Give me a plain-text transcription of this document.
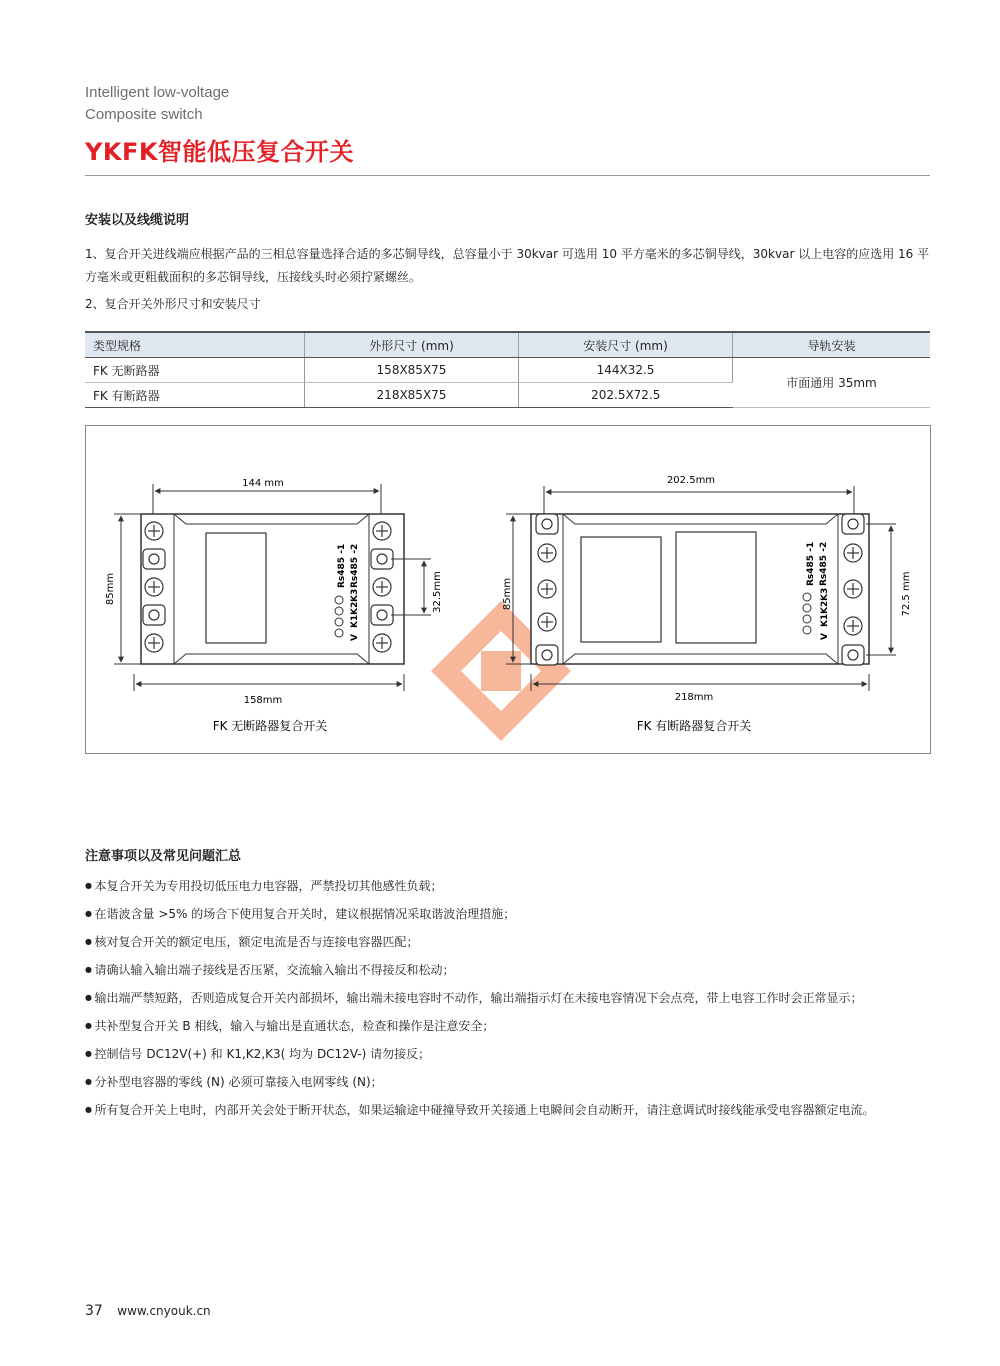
Intelligent low-voltage
Composite switch
YKFK智能低压复合开关
安装以及线缆说明
1、复合开关进线端应根据产品的三相总容量选择合适的多芯铜导线，总容量小于 30kvar 可选用 10 平方毫米的多芯铜导线，30kvar 以上电容的应选用 16 平方毫米或更粗截面积的多芯铜导线，压接线头时必须拧紧螺丝。
2、复合开关外形尺寸和安装尺寸
类型规格	外形尺寸 (mm)	安装尺寸 (mm)	导轨安装
FK 无断路器	158X85X75	144X32.5	市面通用 35mm
FK 有断路器	218X85X75	202.5X72.5	
144 mm
85mm
V
K1
K2
K3
Rs485 -1 Rs485 -2
32.5mm
158mm
FK 无断路器复合开关
202.5mm
85mm
V
K1
K2
K3
Rs485 -1 Rs485 -2
72.5 mm
218mm
FK 有断路器复合开关
注意事项以及常见问题汇总
● 本复合开关为专用投切低压电力电容器，严禁投切其他感性负载；
● 在谐波含量 >5% 的场合下使用复合开关时，建议根据情况采取谐波治理措施；
● 核对复合开关的额定电压，额定电流是否与连接电容器匹配；
● 请确认输入输出端子接线是否压紧，交流输入输出不得接反和松动；
● 输出端严禁短路，否则造成复合开关内部损坏，输出端未接电容时不动作，输出端指示灯在未接电容情况下会点亮，带上电容工作时会正常显示；
● 共补型复合开关 B 相线，输入与输出是直通状态，检查和操作是注意安全；
● 控制信号 DC12V(+) 和 K1,K2,K3( 均为 DC12V-) 请勿接反；
● 分补型电容器的零线 (N) 必须可靠接入电网零线 (N)；
● 所有复合开关上电时，内部开关会处于断开状态，如果运输途中碰撞导致开关接通上电瞬间会自动断开，请注意调试时接线能承受电容器额定电流。
37 www.cnyouk.cn
